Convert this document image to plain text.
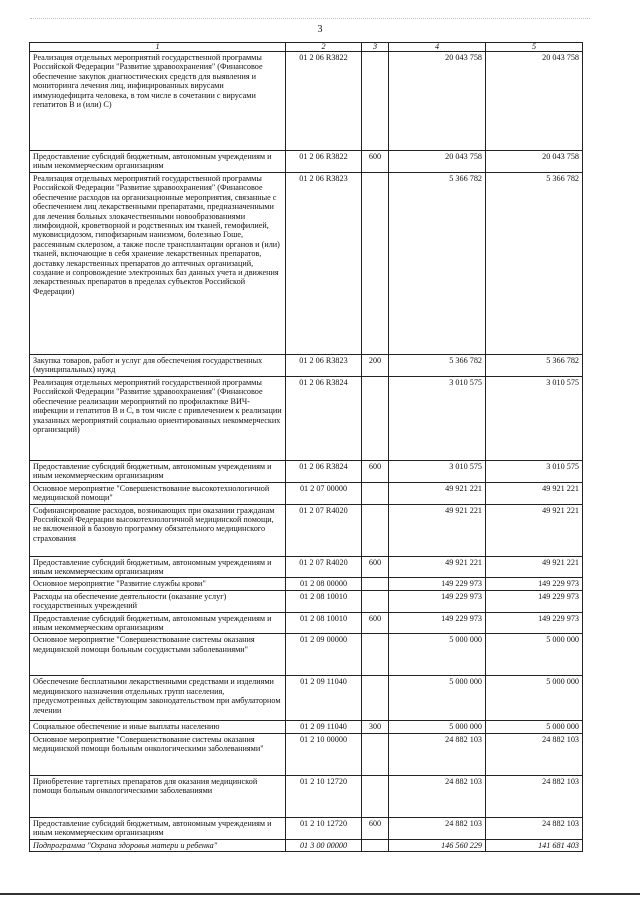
3
1	2	3	4	5
Реализация отдельных мероприятий государственной программы Российской Федерации "Развитие здравоохранения" (Финансовое обеспечение закупок диагностических средств для выявления и мониторинга лечения лиц, инфицированных вирусами иммунодефицита человека, в том числе в сочетании с вирусами гепатитов B и (или) C)	01 2 06 R3822		20 043 758	20 043 758
Предоставление субсидий бюджетным, автономным учреждениям и иным некоммерческим организациям	01 2 06 R3822	600	20 043 758	20 043 758
Реализация отдельных мероприятий государственной программы Российской Федерации "Развитие здравоохранения" (Финансовое обеспечение расходов на организационные мероприятия, связанные с обеспечением лиц лекарственными препаратами, предназначенными для лечения больных злокачественными новообразованиями лимфоидной, кроветворной и родственных им тканей, гемофилией, муковисцидозом, гипофизарным нанизмом, болезнью Гоше, рассеянным склерозом, а также после трансплантации органов и (или) тканей, включающие в себя хранение лекарственных препаратов, доставку лекарственных препаратов до аптечных организаций, создание и сопровождение электронных баз данных учета и движения лекарственных препаратов в пределах субъектов Российской Федерации)	01 2 06 R3823		5 366 782	5 366 782
Закупка товаров, работ и услуг для обеспечения государственных (муниципальных) нужд	01 2 06 R3823	200	5 366 782	5 366 782
Реализация отдельных мероприятий государственной программы Российской Федерации "Развитие здравоохранения" (Финансовое обеспечение реализации мероприятий по профилактике ВИЧ-инфекции и гепатитов B и C, в том числе с привлечением к реализации указанных мероприятий социально ориентированных некоммерческих организаций)	01 2 06 R3824		3 010 575	3 010 575
Предоставление субсидий бюджетным, автономным учреждениям и иным некоммерческим организациям	01 2 06 R3824	600	3 010 575	3 010 575
Основное мероприятие "Совершенствование высокотехнологичной медицинской помощи"	01 2 07 00000		49 921 221	49 921 221
Софинансирование расходов, возникающих при оказании гражданам Российской Федерации высокотехнологичной медицинской помощи, не включенной в базовую программу обязательного медицинского страхования	01 2 07 R4020		49 921 221	49 921 221
Предоставление субсидий бюджетным, автономным учреждениям и иным некоммерческим организациям	01 2 07 R4020	600	49 921 221	49 921 221
Основное мероприятие "Развитие службы крови"	01 2 08 00000		149 229 973	149 229 973
Расходы на обеспечение деятельности (оказание услуг) государственных учреждений	01 2 08 10010		149 229 973	149 229 973
Предоставление субсидий бюджетным, автономным учреждениям и иным некоммерческим организациям	01 2 08 10010	600	149 229 973	149 229 973
Основное мероприятие "Совершенствование системы оказания медицинской помощи больным сосудистыми заболеваниями"	01 2 09 00000		5 000 000	5 000 000
Обеспечение бесплатными лекарственными средствами и изделиями медицинского назначения отдельных групп населения, предусмотренных действующим законодательством при амбулаторном лечении	01 2 09 11040		5 000 000	5 000 000
Социальное обеспечение и иные выплаты населению	01 2 09 11040	300	5 000 000	5 000 000
Основное мероприятие "Совершенствование системы оказания медицинской помощи больным онкологическими заболеваниями"	01 2 10 00000		24 882 103	24 882 103
Приобретение таргетных препаратов для оказания медицинской помощи больным онкологическими заболеваниями	01 2 10 12720		24 882 103	24 882 103
Предоставление субсидий бюджетным, автономным учреждениям и иным некоммерческим организациям	01 2 10 12720	600	24 882 103	24 882 103
Подпрограмма "Охрана здоровья матери и ребенка"	01 3 00 00000		146 560 229	141 681 403
